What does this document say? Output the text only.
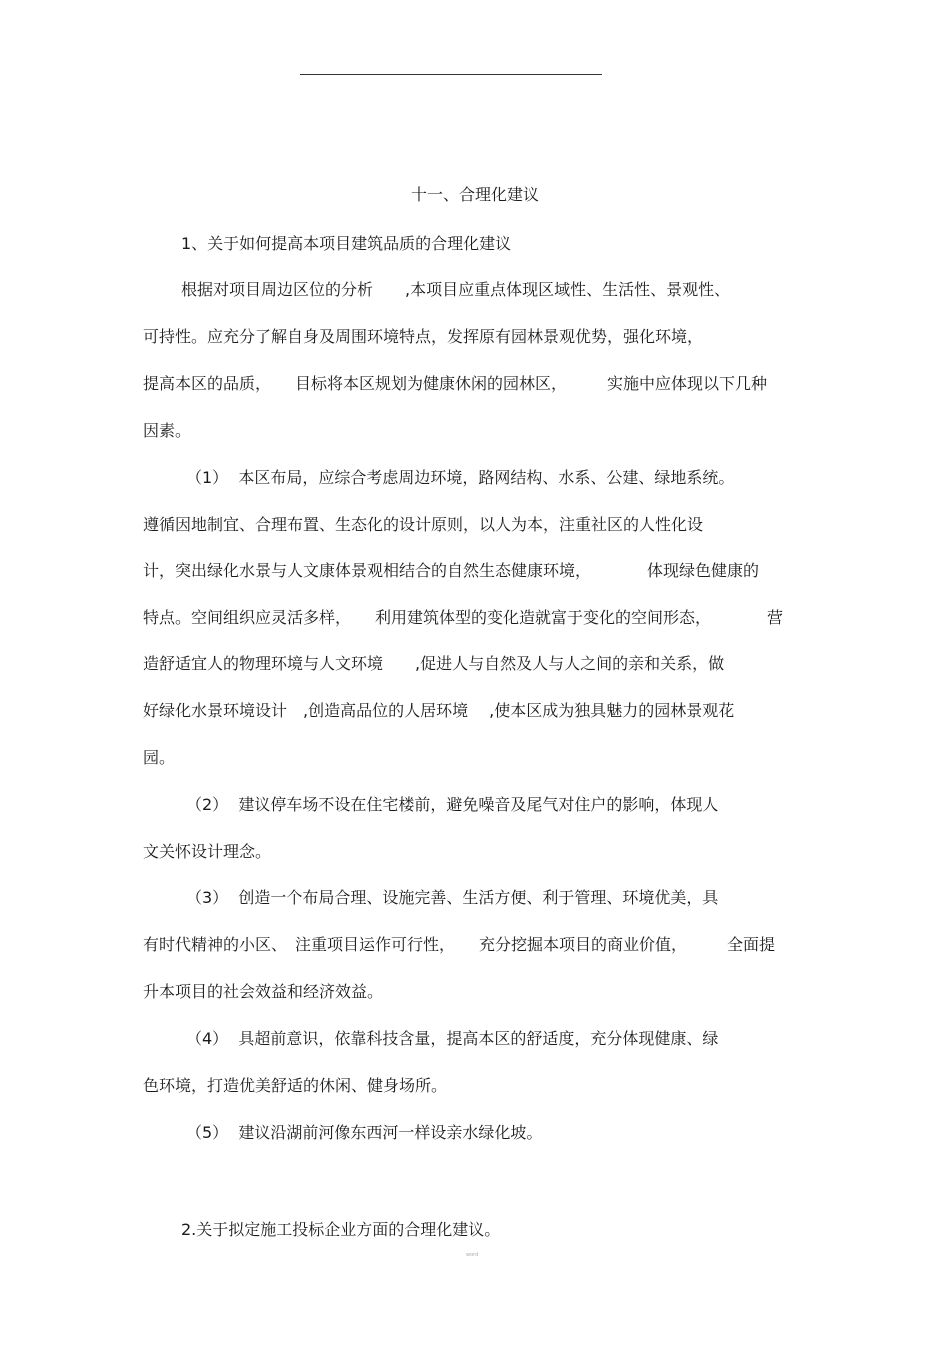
十一、合理化建议
1、关于如何提高本项目建筑品质的合理化建议
根据对项目周边区位的分析　　,本项目应重点体现区域性、生活性、景观性、
可持性。应充分了解自身及周围环境特点，发挥原有园林景观优势，强化环境，
提高本区的品质，　　目标将本区规划为健康休闲的园林区，　　　实施中应体现以下几种
因素。
（1）  本区布局，应综合考虑周边环境，路网结构、水系、公建、绿地系统。
遵循因地制宜、合理布置、生态化的设计原则，以人为本，注重社区的人性化设
计，突出绿化水景与人文康体景观相结合的自然生态健康环境，　　　　体现绿色健康的
特点。空间组织应灵活多样，　　利用建筑体型的变化造就富于变化的空间形态，　　　　营
造舒适宜人的物理环境与人文环境　　,促进人与自然及人与人之间的亲和关系，做
好绿化水景环境设计　,创造高品位的人居环境　 ,使本区成为独具魅力的园林景观花
园。
（2）  建议停车场不设在住宅楼前，避免噪音及尾气对住户的影响，体现人
文关怀设计理念。
（3）  创造一个布局合理、设施完善、生活方便、利于管理、环境优美，具
有时代精神的小区、　注重项目运作可行性，　　充分挖掘本项目的商业价值，　　　全面提
升本项目的社会效益和经济效益。
（4）  具超前意识，依靠科技含量，提高本区的舒适度，充分体现健康、绿
色环境，打造优美舒适的休闲、健身场所。
（5）  建议沿湖前河像东西河一样设亲水绿化坡。
2.关于拟定施工投标企业方面的合理化建议。
word
